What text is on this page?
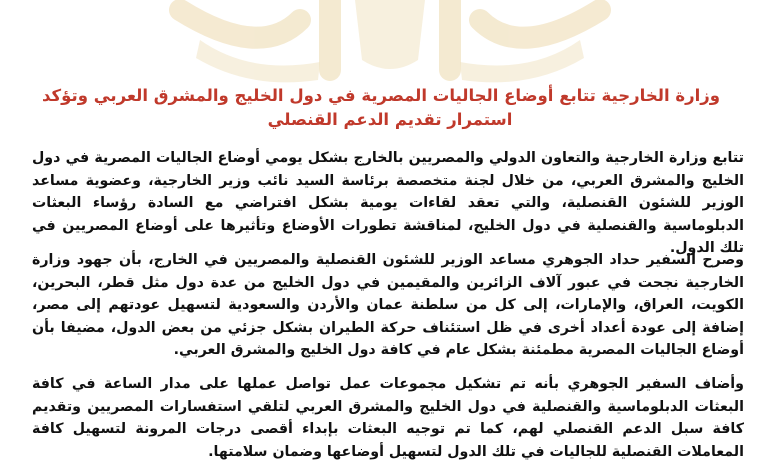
وزارة الخارجية تتابع أوضاع الجاليات المصرية في دول الخليج والمشرق العربي وتؤكد
استمرار تقديم الدعم القنصلي
تتابع وزارة الخارجية والتعاون الدولي والمصريين بالخارج بشكل يومي أوضاع الجاليات المصرية في دول الخليج والمشرق العربي، من خلال لجنة متخصصة برئاسة السيد نائب وزير الخارجية، وعضوية مساعد الوزير للشئون القنصلية، والتي تعقد لقاءات يومية بشكل افتراضي مع السادة رؤساء البعثات الدبلوماسية والقنصلية في دول الخليج، لمناقشة تطورات الأوضاع وتأثيرها على أوضاع المصريين في تلك الدول.
وصرح السفير حداد الجوهري مساعد الوزير للشئون القنصلية والمصريين في الخارج، بأن جهود وزارة الخارجية نجحت في عبور آلاف الزائرين والمقيمين في دول الخليج من عدة دول مثل قطر، البحرين، الكويت، العراق، والإمارات، إلى كل من سلطنة عمان والأردن والسعودية لتسهيل عودتهم إلى مصر، إضافة إلى عودة أعداد أخرى في ظل استئناف حركة الطيران بشكل جزئي من بعض الدول، مضيفا بأن أوضاع الجاليات المصرية مطمئنة بشكل عام في كافة دول الخليج والمشرق العربي.
وأضاف السفير الجوهري بأنه تم تشكيل مجموعات عمل تواصل عملها على مدار الساعة في كافة البعثات الدبلوماسية والقنصلية في دول الخليج والمشرق العربي لتلقي استفسارات المصريين وتقديم كافة سبل الدعم القنصلي لهم، كما تم توجيه البعثات بإبداء أقصى درجات المرونة لتسهيل كافة المعاملات القنصلية للجاليات في تلك الدول لتسهيل أوضاعها وضمان سلامتها.
